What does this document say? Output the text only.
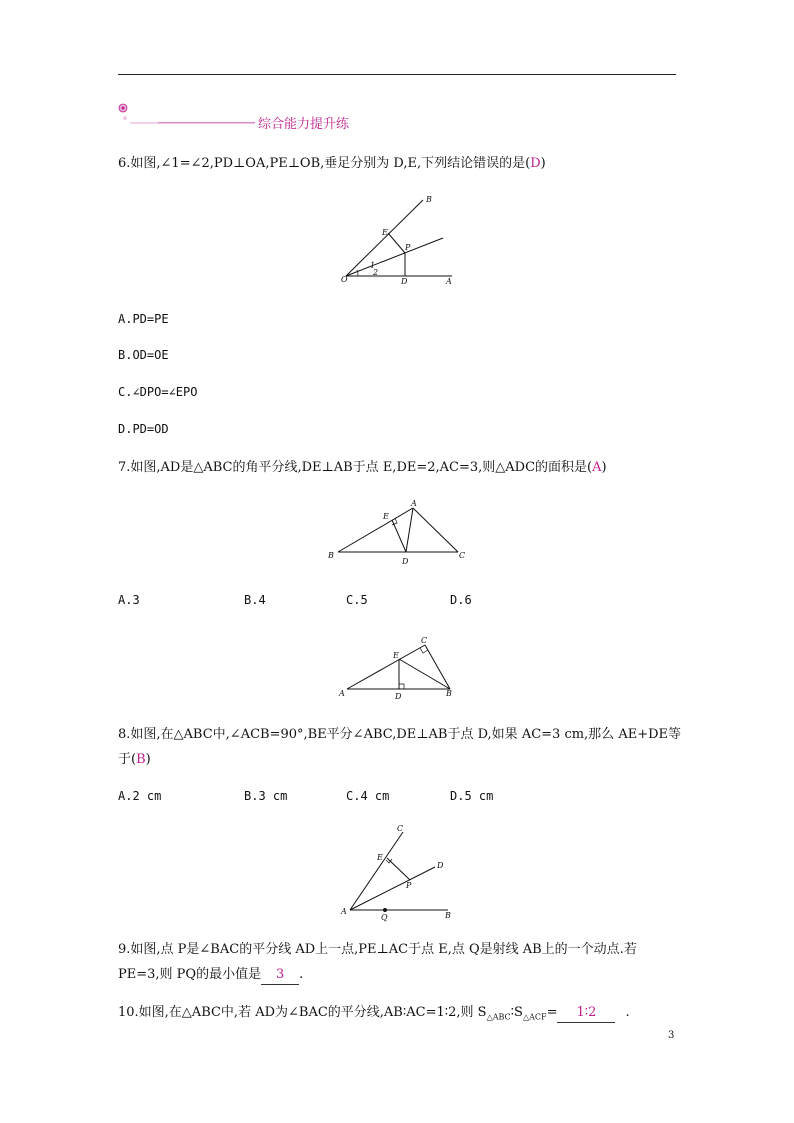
综合能力提升练
6.如图,∠1=∠2,PD⊥OA,PE⊥OB,垂足分别为 D,E,下列结论错误的是(D)
B
E
P
O	D	A
1
2
A.PD=PE
B.OD=OE
C.∠DPO=∠EPO
D.PD=OD
7.如图,AD是△ABC的角平分线,DE⊥AB于点 E,DE=2,AC=3,则△ADC的面积是(A)
A
E
B
D
C
A.3	B.4	C.5	D.6
C
E
A	D	B
8.如图,在△ABC中,∠ACB=90°,BE平分∠ABC,DE⊥AB于点 D,如果 AC=3 cm,那么 AE+DE等
于(B)
A.2 cm	B.3 cm	C.4 cm	D.5 cm
C
E
D
P
A
Q	B
9.如图,点 P是∠BAC的平分线 AD上一点,PE⊥AC于点 E,点 Q是射线 AB上的一个动点.若
PE=3,则 PQ的最小值是 3 .
10.如图,在△ABC中,若 AD为∠BAC的平分线,AB∶AC=1∶2,则 $S_{\triangle ABC}∶S_{\triangle ACF}=$ 1∶2 .
3
